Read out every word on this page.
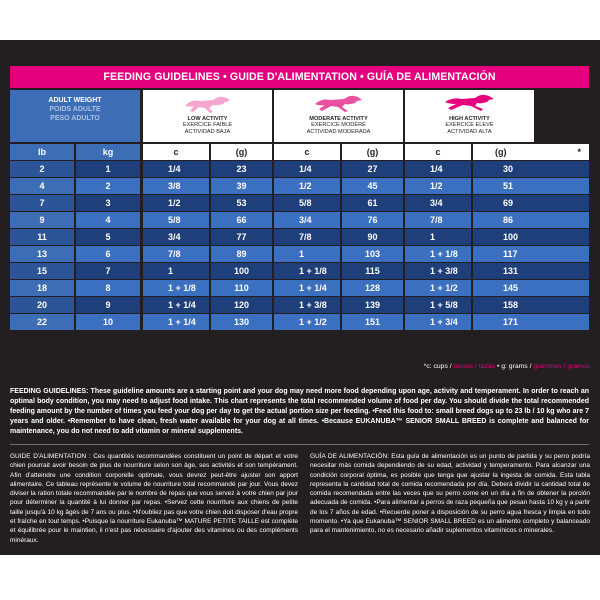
FEEDING GUIDELINES • GUIDE D'ALIMENTATION • GUÍA DE ALIMENTACIÓN
ADULT WEIGHT
POIDS ADULTE
PESO ADULTO	LOW ACTIVITY
EXERCICE FAIBLE
ACTIVIDAD BAJA
MODERATE ACTIVITY
EXERCICE MODÉRÉ
ACTIVIDAD MODERADA
HIGH ACTIVITY
EXERCICE ELEVÉ
ACTIVIDAD ALTA
lb	kg	c	(g)	c	(g)	c	(g)	*
2	1	1/4	23	1/4	27	1/4	30
4	2	3/8	39	1/2	45	1/2	51
7	3	1/2	53	5/8	61	3/4	69
9	4	5/8	66	3/4	76	7/8	86
11	5	3/4	77	7/8	90	1	100
13	6	7/8	89	1	103	1 + 1/8	117
15	7	1	100	1 + 1/8	115	1 + 3/8	131
18	8	1 + 1/8	110	1 + 1/4	128	1 + 1/2	145
20	9	1 + 1/4	120	1 + 3/8	139	1 + 5/8	158
22	10	1 + 1/4	130	1 + 1/2	151	1 + 3/4	171
*c: cups / tasses / tazas • g: grams / grammes / gramos
FEEDING GUIDELINES: These guideline amounts are a starting point and your dog may need more food depending upon age, activity and temperament. In order to reach an optimal body condition, you may need to adjust food intake. This chart represents the total recommended volume of food per day. You should divide the total recommended feeding amount by the number of times you feed your dog per day to get the actual portion size per feeding. •Feed this food to: small breed dogs up to 23 lb / 10 kg who are 7 years and older. •Remember to have clean, fresh water available for your dog at all times. •Because EUKANUBA™ SENIOR SMALL BREED is complete and balanced for maintenance, you do not need to add vitamin or mineral supplements.
GUIDE D'ALIMENTATION : Ces quantités recommandées constituent un point de départ et votre chien pourrait avoir besoin de plus de nourriture selon son âge, ses activités et son tempérament. Afin d'atteindre une condition corporelle optimale, vous devrez peut-être ajuster son apport alimentaire. Ce tableau représente le volume de nourriture total recommandé par jour. Vous devez diviser la ration totale recommandée par le nombre de repas que vous servez à votre chien par jour pour déterminer la quantité à lui donner par repas. •Servez cette nourriture aux chiens de petite taille jusqu'à 10 kg âgés de 7 ans ou plus. •N'oubliez pas que votre chien doit disposer d'eau propre et fraîche en tout temps. •Puisque la nourriture Eukanuba™ MATURE PETITE TAILLE est complète et équilibrée pour le maintien, il n'est pas nécessaire d'ajouter des vitamines ou des compléments minéraux.
GUÍA DE ALIMENTACIÓN: Esta guía de alimentación es un punto de partida y su perro podría necesitar más comida dependiendo de su edad, actividad y temperamento. Para alcanzar una condición corporal óptima, es posible que tenga que ajustar la ingesta de comida. Esta tabla representa la cantidad total de comida recomendada por día. Deberá dividir la cantidad total de comida recomendada entre las veces que su perro come en un día a fin de obtener la porción adecuada de comida. •Para alimentar a perros de raza pequeña que pesan hasta 10 kg y a partir de los 7 años de edad. •Recuerde poner a disposición de su perro agua fresca y limpia en todo momento. •Ya que Eukanuba™ SENIOR SMALL BREED es un alimento completo y balanceado para el mantenimiento, no es necesario añadir suplementos vitamínicos o minerales.
